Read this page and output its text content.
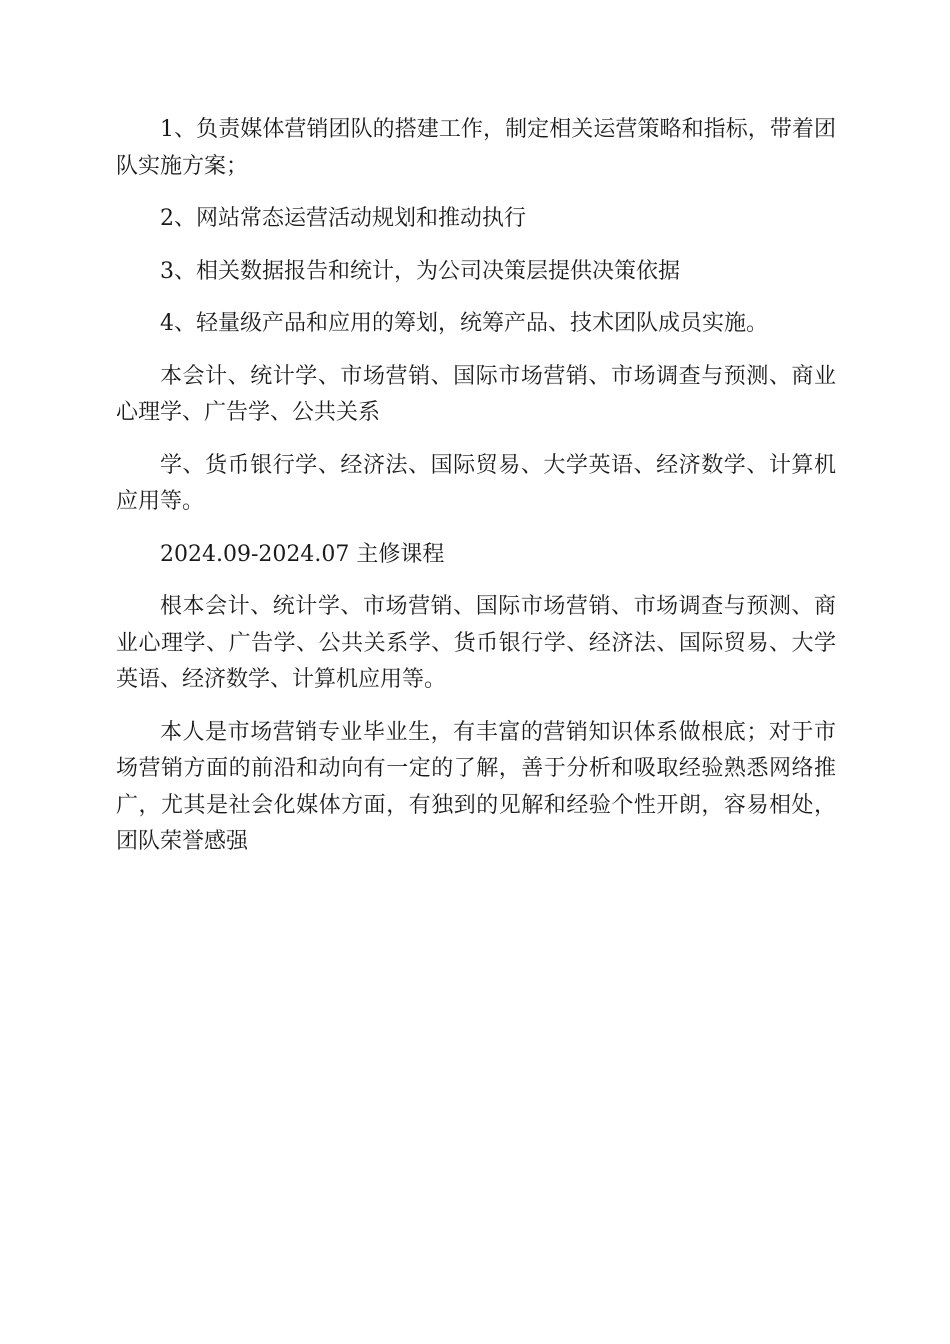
1、负责媒体营销团队的搭建工作，制定相关运营策略和指标，带着团队实施方案；

2、网站常态运营活动规划和推动执行

3、相关数据报告和统计，为公司决策层提供决策依据

4、轻量级产品和应用的筹划，统筹产品、技术团队成员实施。

本会计、统计学、市场营销、国际市场营销、市场调查与预测、商业心理学、广告学、公共关系

学、货币银行学、经济法、国际贸易、大学英语、经济数学、计算机应用等。

2024.09-2024.07 主修课程

根本会计、统计学、市场营销、国际市场营销、市场调查与预测、商业心理学、广告学、公共关系学、货币银行学、经济法、国际贸易、大学英语、经济数学、计算机应用等。

本人是市场营销专业毕业生，有丰富的营销知识体系做根底；对于市场营销方面的前沿和动向有一定的了解，善于分析和吸取经验熟悉网络推广，尤其是社会化媒体方面，有独到的见解和经验个性开朗，容易相处，团队荣誉感强
